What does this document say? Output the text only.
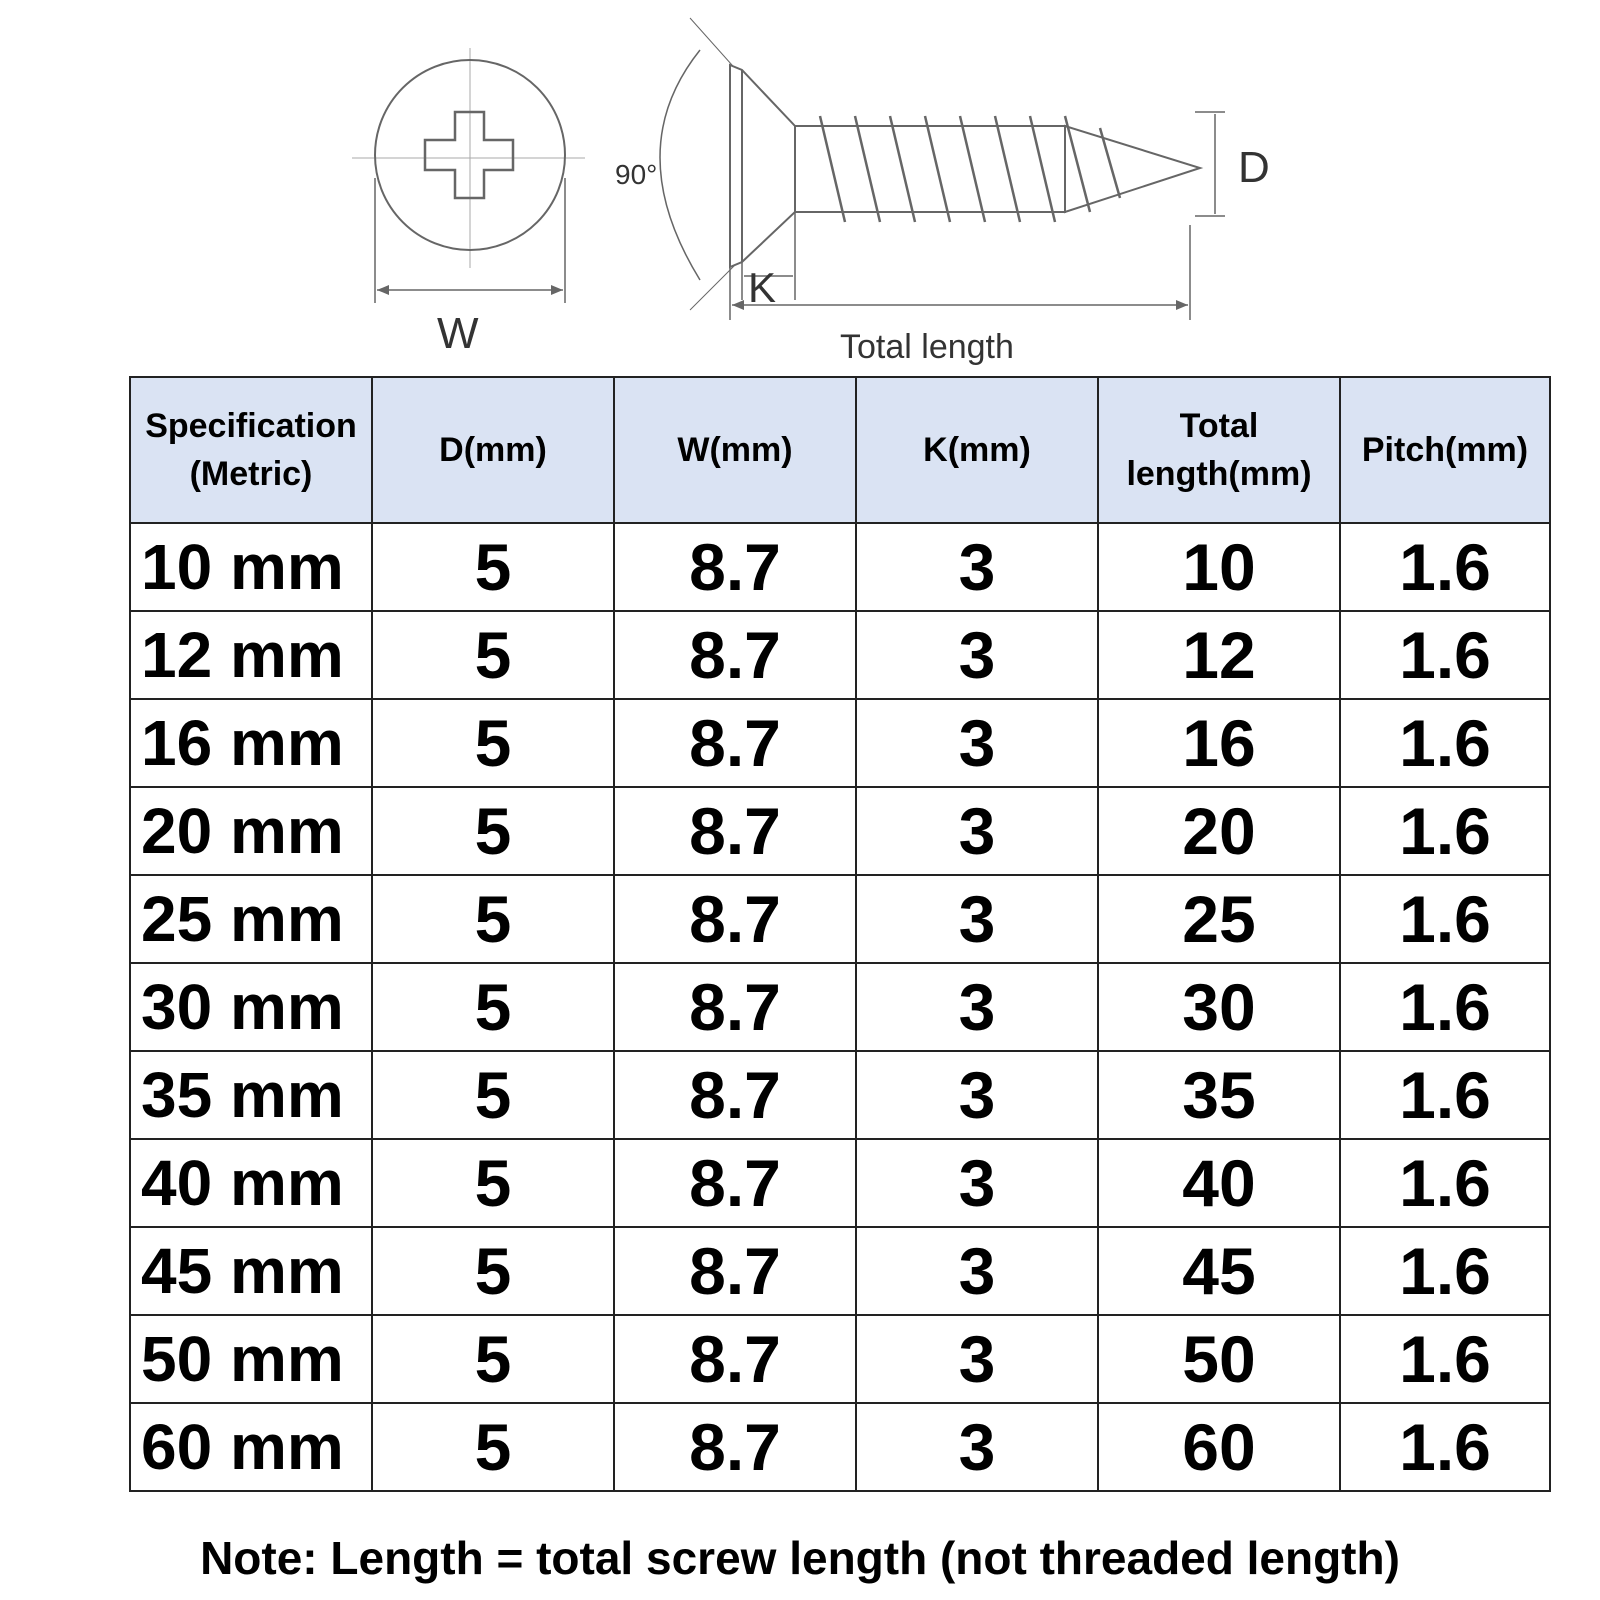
90°	D
K
W	Total length
Specification (Metric)	D(mm)	W(mm)	K(mm)	Total length(mm)	Pitch(mm)
10 mm	5	8.7	3	10	1.6
12 mm	5	8.7	3	12	1.6
16 mm	5	8.7	3	16	1.6
20 mm	5	8.7	3	20	1.6
25 mm	5	8.7	3	25	1.6
30 mm	5	8.7	3	30	1.6
35 mm	5	8.7	3	35	1.6
40 mm	5	8.7	3	40	1.6
45 mm	5	8.7	3	45	1.6
50 mm	5	8.7	3	50	1.6
60 mm	5	8.7	3	60	1.6
Note: Length = total screw length (not threaded length)
